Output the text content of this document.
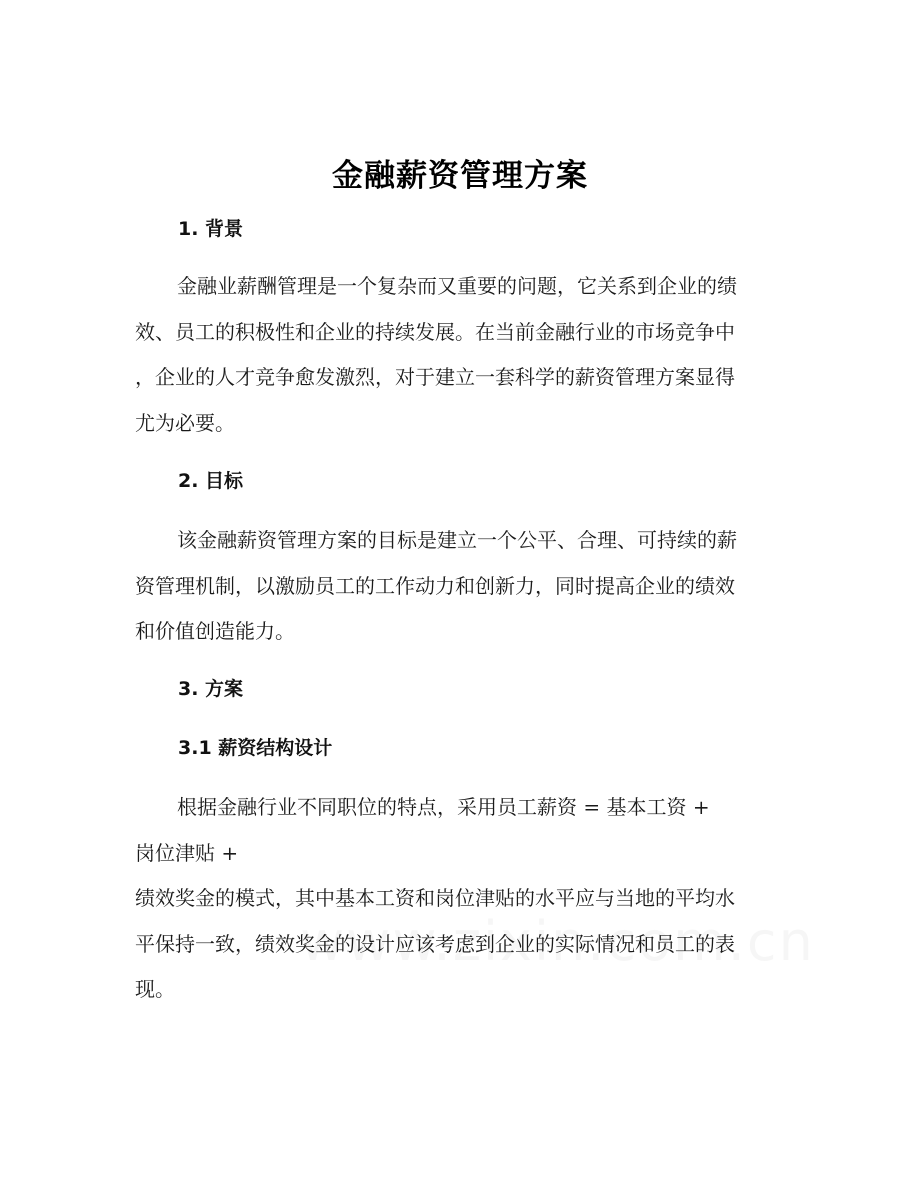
金融薪资管理方案
1. 背景
金融业薪酬管理是一个复杂而又重要的问题，它关系到企业的绩
效、员工的积极性和企业的持续发展。在当前金融行业的市场竞争中
，企业的人才竞争愈发激烈，对于建立一套科学的薪资管理方案显得
尤为必要。
2. 目标
该金融薪资管理方案的目标是建立一个公平、合理、可持续的薪
资管理机制，以激励员工的工作动力和创新力，同时提高企业的绩效
和价值创造能力。
3. 方案
3.1 薪资结构设计
根据金融行业不同职位的特点，采用员工薪资 = 基本工资 +
岗位津贴 +
绩效奖金的模式，其中基本工资和岗位津贴的水平应与当地的平均水
平保持一致，绩效奖金的设计应该考虑到企业的实际情况和员工的表
现。
